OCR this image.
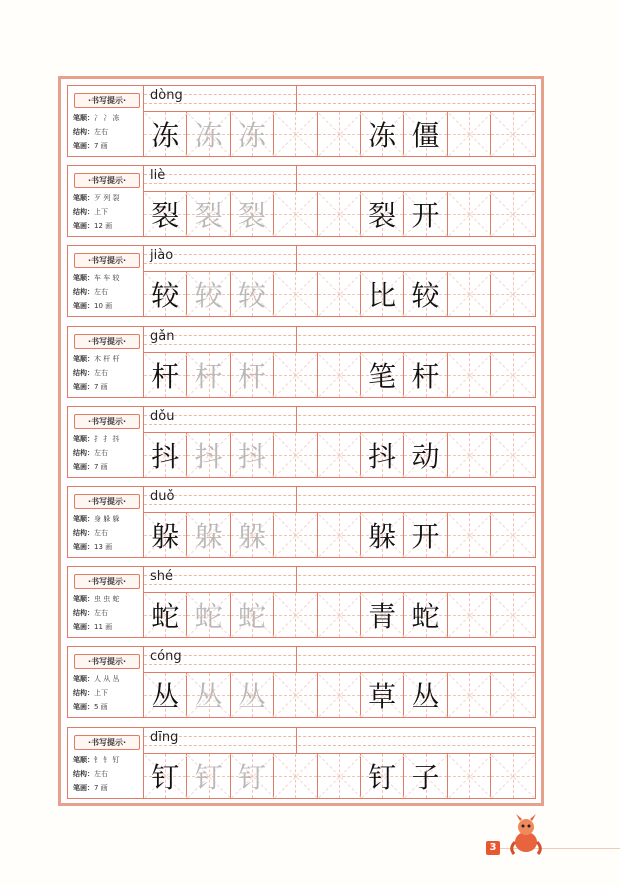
·书写提示·
笔顺：冫 冫 冻
结构：左右
笔画：7 画
dòng
冻 冻 冻	冻 僵
·书写提示·
笔顺：歹 列 裂
结构：上下
笔画：12 画
liè
裂 裂 裂	裂 开
·书写提示·
笔顺：车 车 较
结构：左右
笔画：10 画
jiào
较 较 较	比 较
·书写提示·
笔顺：木 杆 杆
结构：左右
笔画：7 画
gǎn
杆 杆 杆	笔 杆
·书写提示·
笔顺：扌 扌 抖
结构：左右
笔画：7 画
dǒu
抖 抖 抖	抖 动
·书写提示·
笔顺：身 躲 躲
结构：左右
笔画：13 画
duǒ
躲 躲 躲	躲 开
·书写提示·
笔顺：虫 虫 蛇
结构：左右
笔画：11 画
shé
蛇 蛇 蛇	青 蛇
·书写提示·
笔顺：人 从 丛
结构：上下
笔画：5 画
cóng
丛 丛 丛	草 丛
·书写提示·
笔顺：钅 钅 钉
结构：左右
笔画：7 画
dīng
钉 钉 钉	钉 子
3
